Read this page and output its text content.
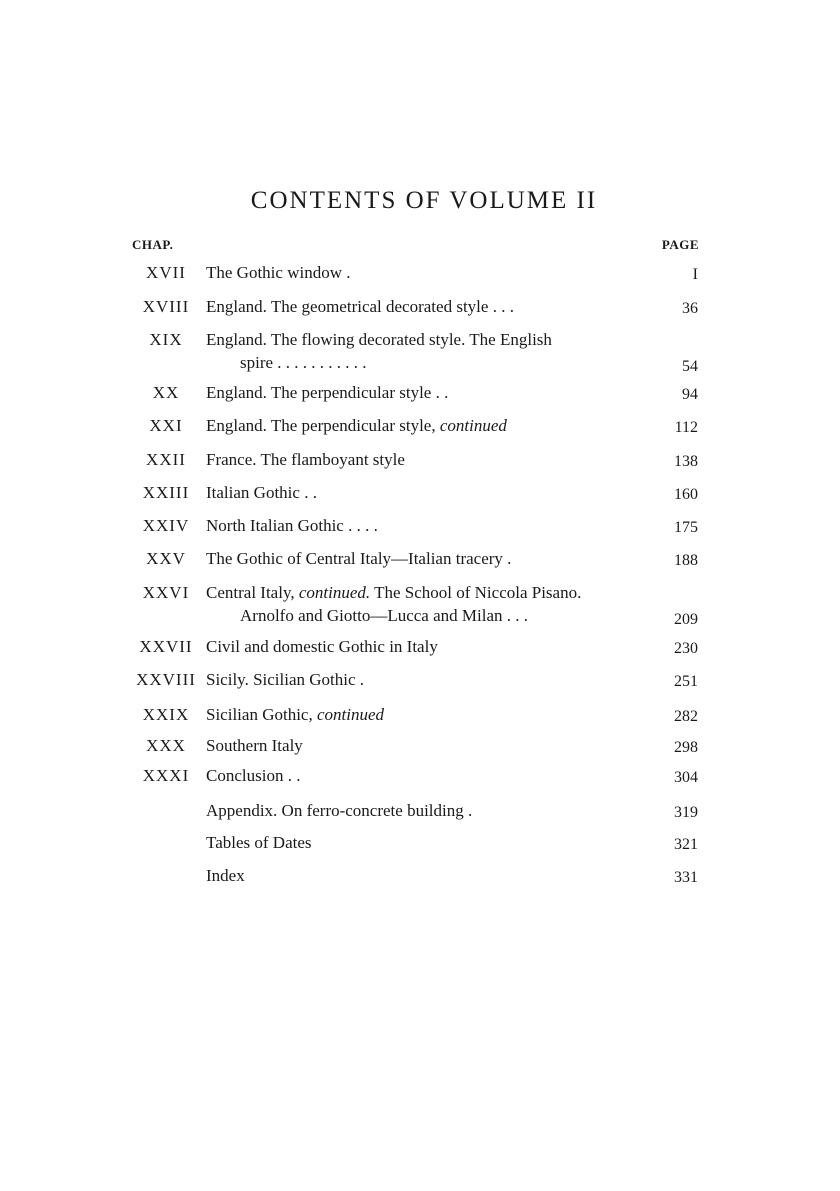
CONTENTS OF VOLUME II
CHAP.	PAGE
XVII	The Gothic window .	I
XVIII England. The geometrical decorated style . . .	36
XIX	England. The flowing decorated style. The English
spire . . . . . . . . . . .	54
XX	England. The perpendicular style . .	94
XXI	England. The perpendicular style, continued	112
XXII	France. The flamboyant style	138
XXIII Italian Gothic . .	160
XXIV North Italian Gothic . . . .	175
XXV	The Gothic of Central Italy—Italian tracery .	188
XXVI Central Italy, continued. The School of Niccola Pisano.
Arnolfo and Giotto—Lucca and Milan . . .	209
XXVII Civil and domestic Gothic in Italy	230
XXVIII Sicily. Sicilian Gothic .	251
XXIX Sicilian Gothic, continued	282
XXX	Southern Italy	298
XXXI Conclusion . .	304
Appendix. On ferro-concrete building .	319
Tables of Dates	321
Index	331
